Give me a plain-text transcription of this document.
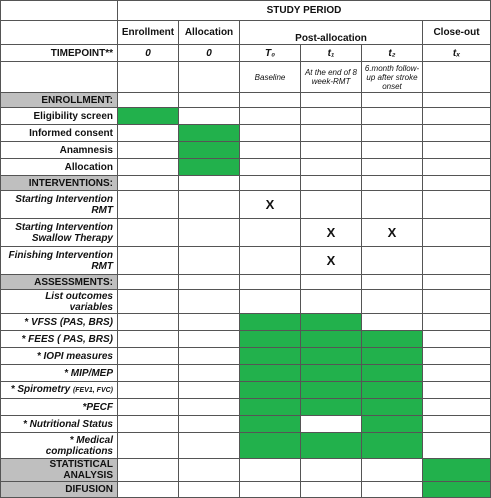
	STUDY PERIOD					
	Enrollment	Allocation	Post-allocation			Close-out
TIMEPOINT**	0	0	T₀	t₁	t₂	tₓ
			Baseline	At the end of 8 week-RMT	6.month follow-up after stroke onset	
ENROLLMENT:						
Eligibility screen						
Informed consent						
Anamnesis						
Allocation						
INTERVENTIONS:						
Starting Intervention RMT			X			
Starting Intervention Swallow Therapy				X	X	
Finishing Intervention RMT				X		
ASSESSMENTS:						
List outcomes variables						
* VFSS (PAS, BRS)						
* FEES ( PAS, BRS)						
* IOPI measures						
* MIP/MEP						
* Spirometry (FEV1, FVC)						
*PECF						
* Nutritional Status						
* Medical complications						
STATISTICAL ANALYSIS						
DIFUSION						
